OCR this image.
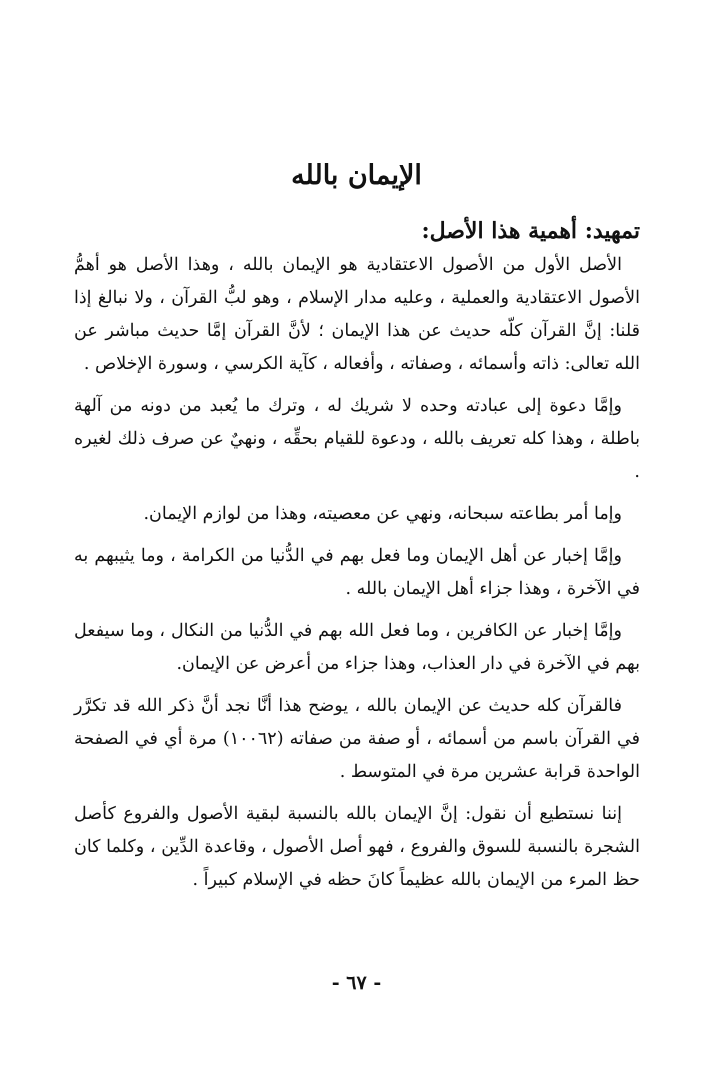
الإيمان بالله
تمهيد: أهمية هذا الأصل:

الأصل الأول من الأصول الاعتقادية هو الإيمان بالله ، وهذا الأصل هو أهمُّ الأصول الاعتقادية والعملية ، وعليه مدار الإسلام ، وهو لبُّ القرآن ، ولا نبالغ إذا قلنا: إنَّ القرآن كلّه حديث عن هذا الإيمان ؛ لأنَّ القرآن إمَّا حديث مباشر عن الله تعالى: ذاته وأسمائه ، وصفاته ، وأفعاله ، كآية الكرسي ، وسورة الإخلاص .

وإمَّا دعوة إلى عبادته وحده لا شريك له ، وترك ما يُعبد من دونه من آلهة باطلة ، وهذا كله تعريف بالله ، ودعوة للقيام بحقِّه ، ونهيٌ عن صرف ذلك لغيره .

وإما أمر بطاعته سبحانه، ونهي عن معصيته، وهذا من لوازم الإيمان.

وإمَّا إخبار عن أهل الإيمان وما فعل بهم في الدُّنيا من الكرامة ، وما يثيبهم به في الآخرة ، وهذا جزاء أهل الإيمان بالله .

وإمَّا إخبار عن الكافرين ، وما فعل الله بهم في الدُّنيا من النكال ، وما سيفعل بهم في الآخرة في دار العذاب، وهذا جزاء من أعرض عن الإيمان.

فالقرآن كله حديث عن الإيمان بالله ، يوضح هذا أنَّا نجد أنَّ ذكر الله قد تكرَّر في القرآن باسم من أسمائه ، أو صفة من صفاته (١٠٠٦٢) مرة أي في الصفحة الواحدة قرابة عشرين مرة في المتوسط .

إننا نستطيع أن نقول: إنَّ الإيمان بالله بالنسبة لبقية الأصول والفروع كأصل الشجرة بالنسبة للسوق والفروع ، فهو أصل الأصول ، وقاعدة الدِّين ، وكلما كان حظ المرء من الإيمان بالله عظيماً كانَ حظه في الإسلام كبيراً .

- ٦٧ -
